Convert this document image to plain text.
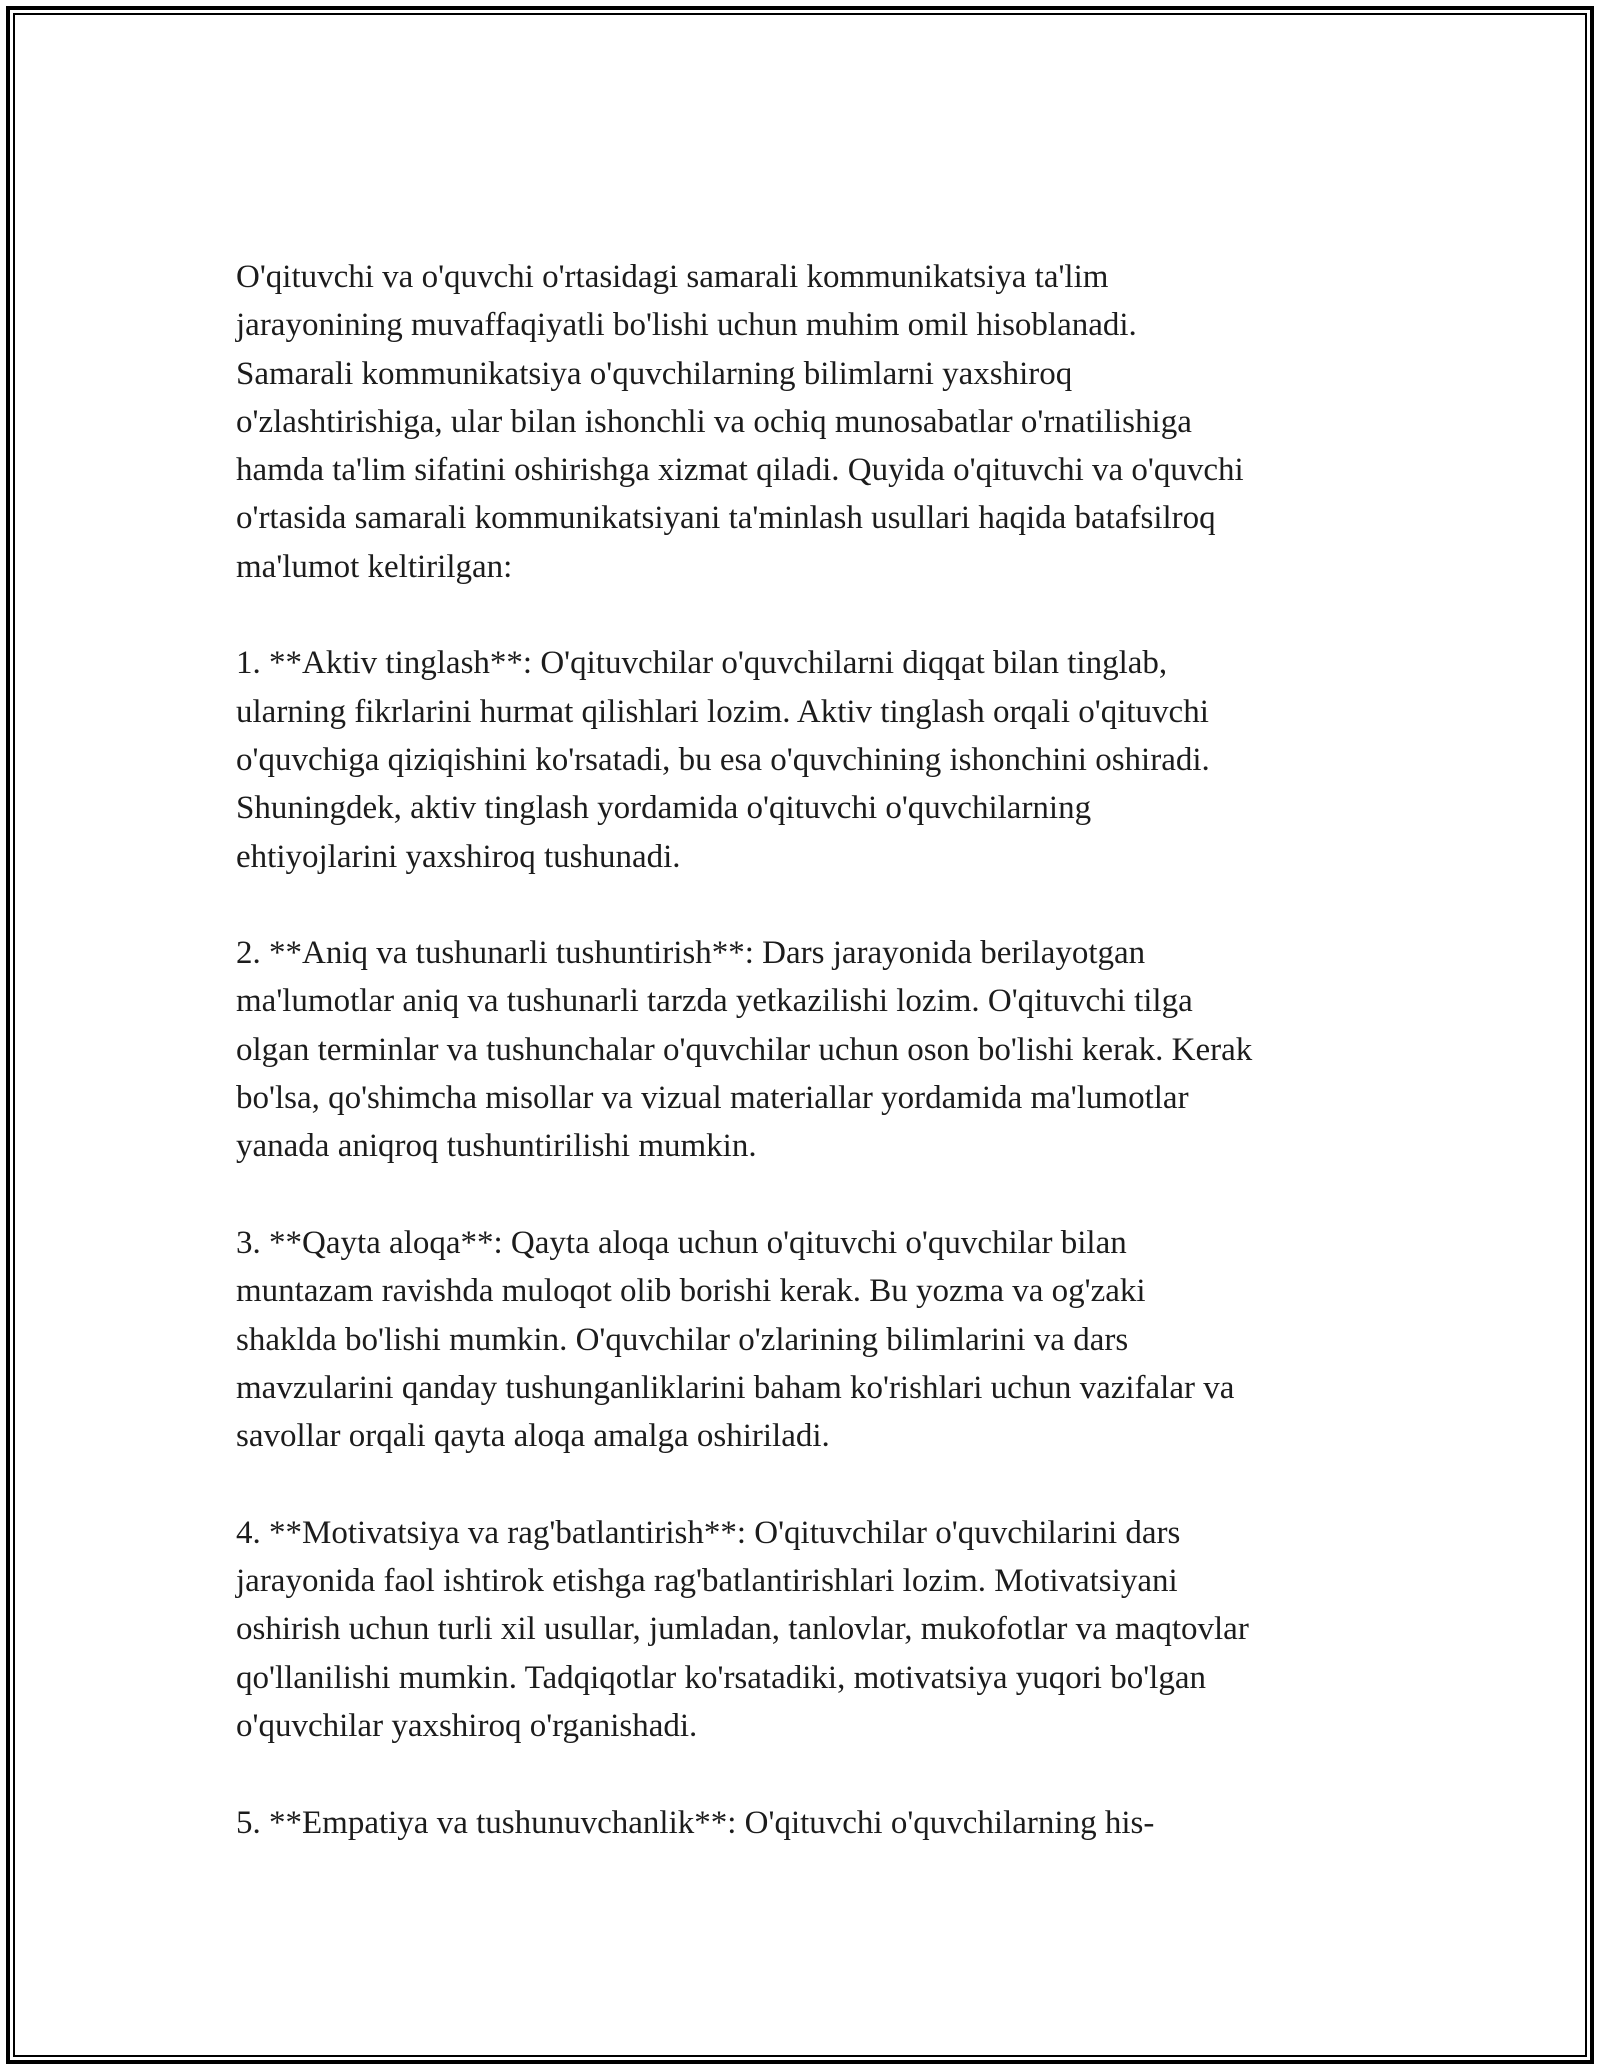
O'qituvchi va o'quvchi o'rtasidagi samarali kommunikatsiya ta'lim
jarayonining muvaffaqiyatli bo'lishi uchun muhim omil hisoblanadi.
Samarali kommunikatsiya o'quvchilarning bilimlarni yaxshiroq
o'zlashtirishiga, ular bilan ishonchli va ochiq munosabatlar o'rnatilishiga
hamda ta'lim sifatini oshirishga xizmat qiladi. Quyida o'qituvchi va o'quvchi
o'rtasida samarali kommunikatsiyani ta'minlash usullari haqida batafsilroq
ma'lumot keltirilgan:
1. **Aktiv tinglash**: O'qituvchilar o'quvchilarni diqqat bilan tinglab,
ularning fikrlarini hurmat qilishlari lozim. Aktiv tinglash orqali o'qituvchi
o'quvchiga qiziqishini ko'rsatadi, bu esa o'quvchining ishonchini oshiradi.
Shuningdek, aktiv tinglash yordamida o'qituvchi o'quvchilarning
ehtiyojlarini yaxshiroq tushunadi.
2. **Aniq va tushunarli tushuntirish**: Dars jarayonida berilayotgan
ma'lumotlar aniq va tushunarli tarzda yetkazilishi lozim. O'qituvchi tilga
olgan terminlar va tushunchalar o'quvchilar uchun oson bo'lishi kerak. Kerak
bo'lsa, qo'shimcha misollar va vizual materiallar yordamida ma'lumotlar
yanada aniqroq tushuntirilishi mumkin.
3. **Qayta aloqa**: Qayta aloqa uchun o'qituvchi o'quvchilar bilan
muntazam ravishda muloqot olib borishi kerak. Bu yozma va og'zaki
shaklda bo'lishi mumkin. O'quvchilar o'zlarining bilimlarini va dars
mavzularini qanday tushunganliklarini baham ko'rishlari uchun vazifalar va
savollar orqali qayta aloqa amalga oshiriladi.
4. **Motivatsiya va rag'batlantirish**: O'qituvchilar o'quvchilarini dars
jarayonida faol ishtirok etishga rag'batlantirishlari lozim. Motivatsiyani
oshirish uchun turli xil usullar, jumladan, tanlovlar, mukofotlar va maqtovlar
qo'llanilishi mumkin. Tadqiqotlar ko'rsatadiki, motivatsiya yuqori bo'lgan
o'quvchilar yaxshiroq o'rganishadi.
5. **Empatiya va tushunuvchanlik**: O'qituvchi o'quvchilarning his-
